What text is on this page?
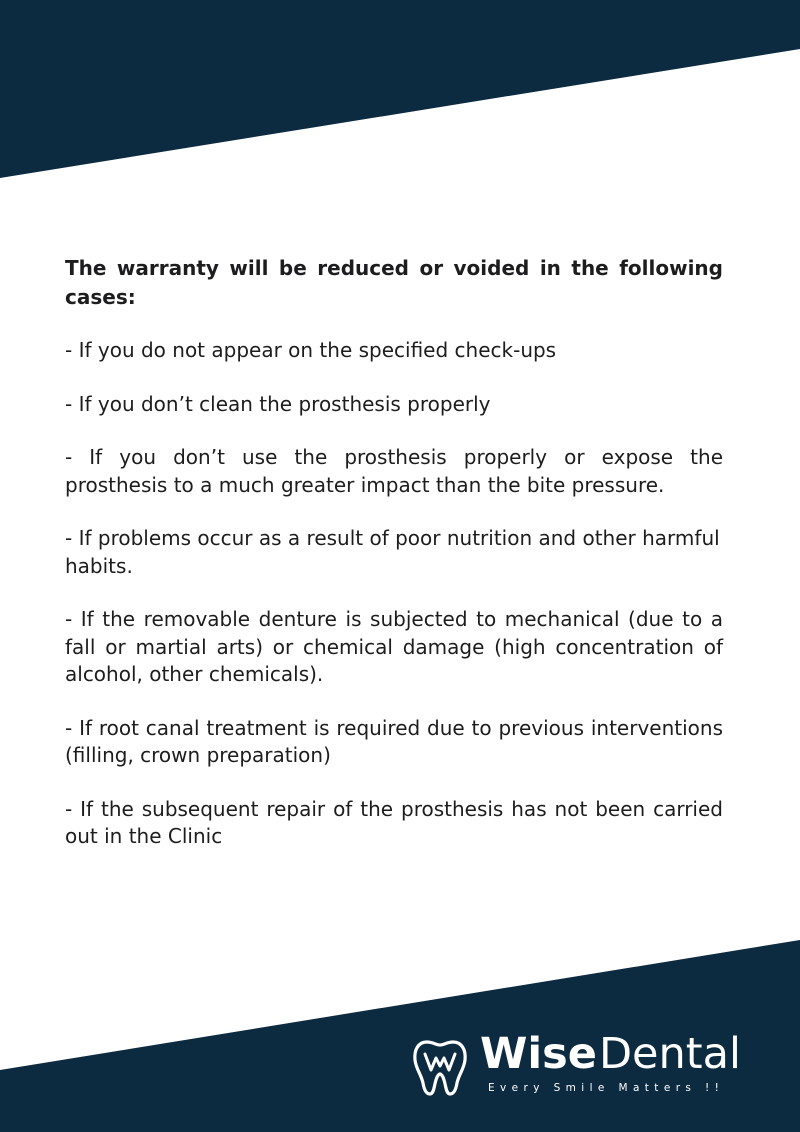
The warranty will be reduced or voided in the following cases:

- If you do not appear on the specified check-ups

- If you don’t clean the prosthesis properly

- If you don’t use the prosthesis properly or expose the prosthesis to a much greater impact than the bite pressure.

- If problems occur as a result of poor nutrition and other harmful habits.

- If the removable denture is subjected to mechanical (due to a fall or martial arts) or chemical damage (high concentration of alcohol, other chemicals).

- If root canal treatment is required due to previous interventions (filling, crown preparation)

- If the subsequent repair of the prosthesis has not been carried out in the Clinic

WiseDental
Every Smile Matters !!
